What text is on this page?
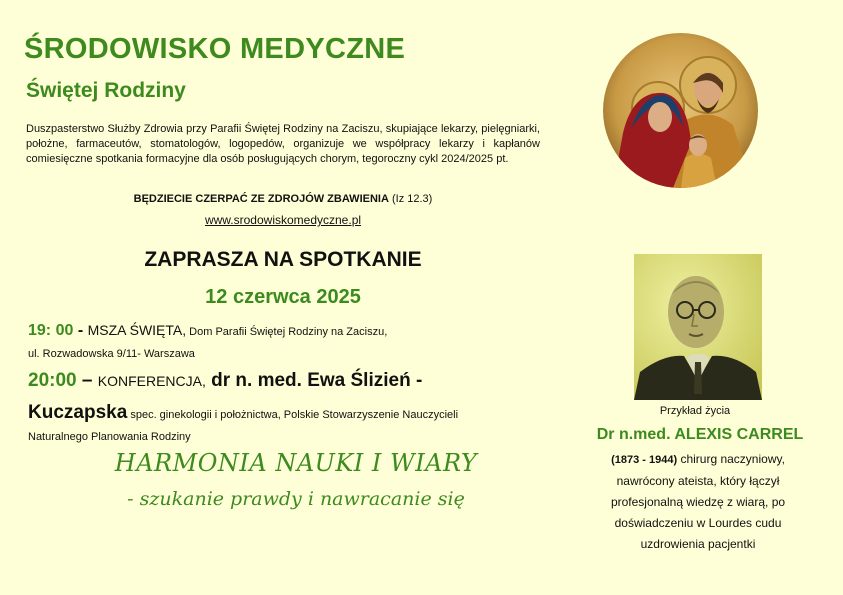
ŚRODOWISKO MEDYCZNE
Świętej Rodziny
Duszpasterstwo Służby Zdrowia przy Parafii Świętej Rodziny na Zaciszu, skupiające lekarzy, pielęgniarki, położne, farmaceutów, stomatologów, logopedów, organizuje we współpracy lekarzy i kapłanów comiesięczne spotkania formacyjne dla osób posługujących chorym, tegoroczny cykl 2024/2025 pt.
BĘDZIECIE CZERPAĆ ZE ZDROJÓW ZBAWIENIA (Iz 12.3)
www.srodowiskomedyczne.pl
ZAPRASZA NA SPOTKANIE
12 czerwca 2025
19: 00 - MSZA ŚWIĘTA, Dom Parafii Świętej Rodziny na Zaciszu,
ul. Rozwadowska 9/11- Warszawa
20:00 – KONFERENCJA, dr n. med. Ewa Ślizień -
Kuczapska spec. ginekologii i położnictwa, Polskie Stowarzyszenie Nauczycieli
Naturalnego Planowania Rodziny
HARMONIA NAUKI I WIARY
- szukanie prawdy i nawracanie się
Przykład życia
Dr n.med. ALEXIS CARREL
(1873 - 1944) chirurg naczyniowy,
nawrócony ateista, który łączył
profesjonalną wiedzę z wiarą, po
doświadczeniu w Lourdes cudu
uzdrowienia pacjentki
